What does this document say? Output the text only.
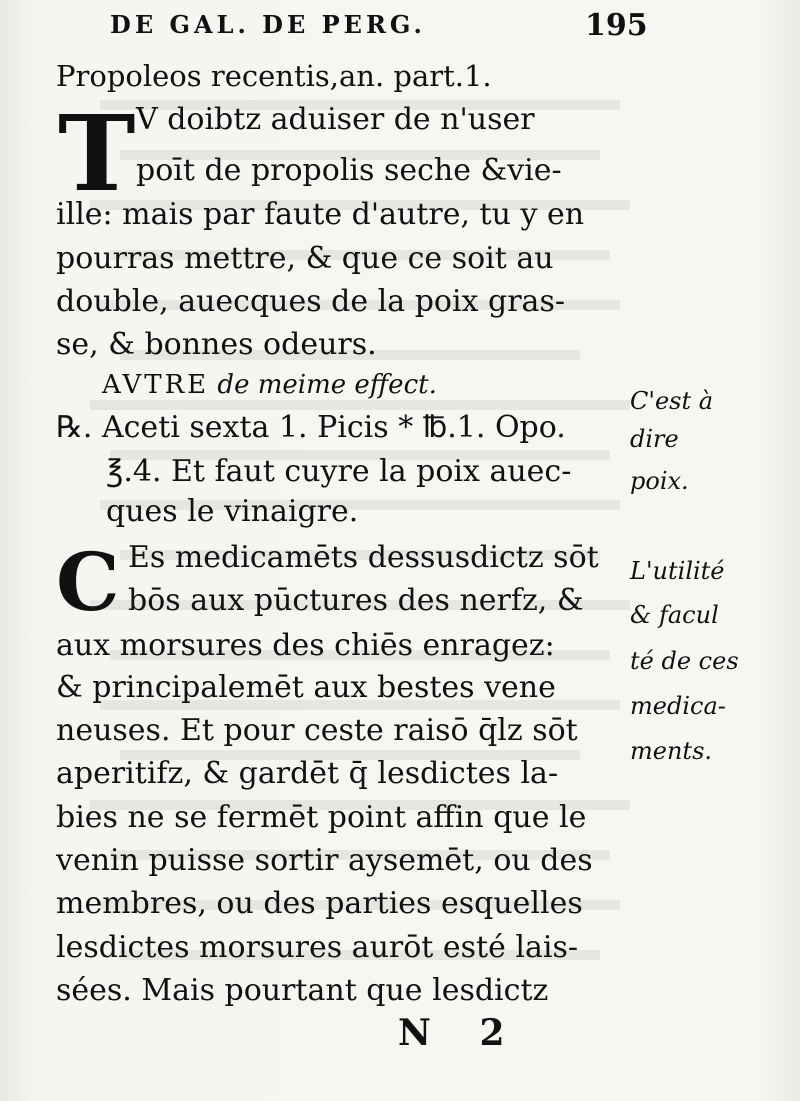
DE GAL. DE PERG.	195
Propoleos recentis,an. part.1.
T V doibtz aduiser de n'user
poīt de propolis seche &vie-
ille: mais par faute d'autre, tu y en
pourras mettre, & que ce soit au
double, auecques de la poix gras-
se, & bonnes odeurs.
AVTRE de meime effect.
℞. Aceti sexta 1. Picis * ℔.1. Opo.
℥.4. Et faut cuyre la poix auec-
ques le vinaigre.
C Es medicamēts dessusdictz sōt
bōs aux pūctures des nerfz, &
aux morsures des chiēs enragez:
& principalemēt aux bestes vene
neuses. Et pour ceste raisō q̄lz sōt
aperitifz, & gardēt q̄ lesdictes la-
bies ne se fermēt point affin que le
venin puisse sortir aysemēt, ou des
membres, ou des parties esquelles
lesdictes morsures aurōt esté lais-
sées. Mais pourtant que lesdictz
C'est à
dire
poix.
L'utilité
& facul
té de ces
medica-
ments.
N 2
